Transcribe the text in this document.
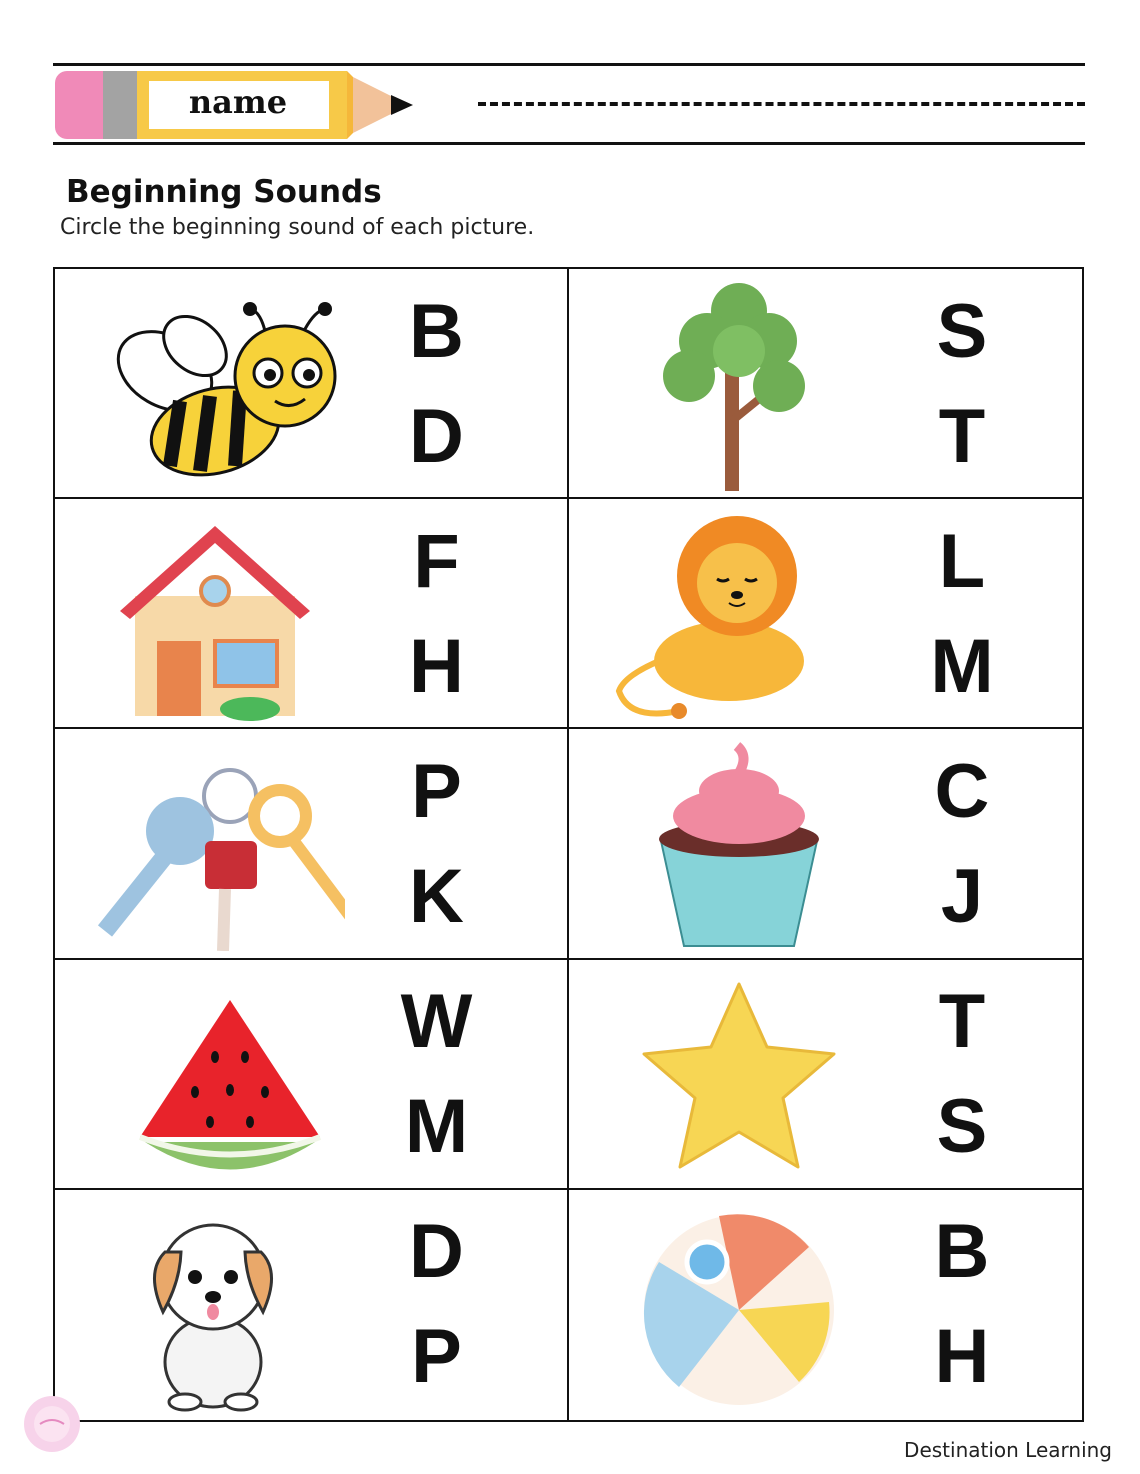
name
Beginning Sounds
Circle the beginning sound of each picture.
B
D
S
T
F
H
L
M
P
K
C
J
W
M
T
S
D
P
B
H
Destination Learning
